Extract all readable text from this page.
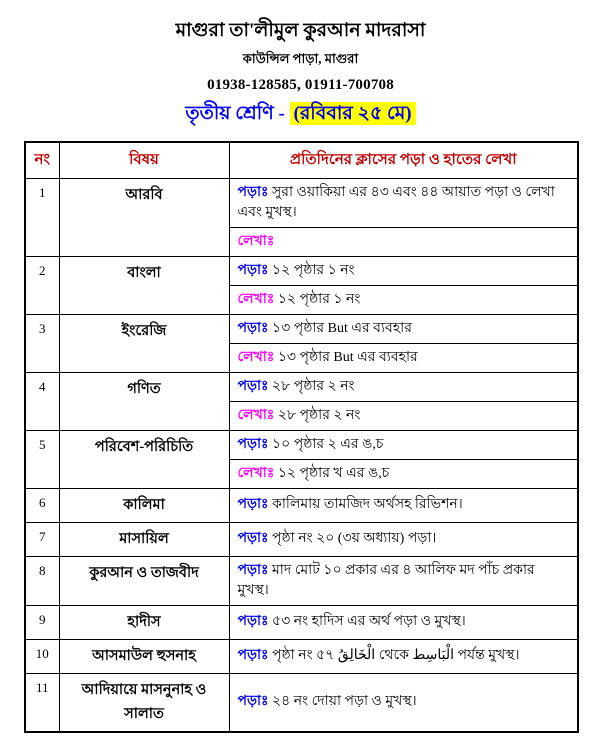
মাগুরা তা'লীমুল কুরআন মাদরাসা
কাউন্সিল পাড়া, মাগুরা
01938-128585, 01911-700708
তৃতীয় শ্রেণি - (রবিবার ২৫ মে)
নং	বিষয়	প্রতিদিনের ক্লাসের পড়া ও হাতের লেখা
1	আরবি	পড়াঃ সুরা ওয়াকিয়া এর ৪৩ এবং ৪৪ আয়াত পড়া ও লেখা এবং মুখস্থ।
		লেখাঃ
2	বাংলা	পড়াঃ ১২ পৃষ্ঠার ১ নং
		লেখাঃ ১২ পৃষ্ঠার ১ নং
3	ইংরেজি	পড়াঃ ১৩ পৃষ্ঠার But এর ব্যবহার
		লেখাঃ ১৩ পৃষ্ঠার But এর ব্যবহার
4	গণিত	পড়াঃ ২৮ পৃষ্ঠার ২ নং
		লেখাঃ ২৮ পৃষ্ঠার ২ নং
5	পরিবেশ-পরিচিতি	পড়াঃ ১০ পৃষ্ঠার ২ এর ঙ,চ
		লেখাঃ ১২ পৃষ্ঠার খ এর ঙ,চ
6	কালিমা	পড়াঃ কালিমায় তামজিদ অর্থসহ রিভিশন।
7	মাসায়িল	পড়াঃ পৃষ্ঠা নং ২০ (৩য় অধ্যায়) পড়া।
8	কুরআন ও তাজবীদ	পড়াঃ মাদ মোট ১০ প্রকার এর ৪ আলিফ মদ পাঁচ প্রকার মুখস্থ।
9	হাদীস	পড়াঃ ৫৩ নং হাদিস এর অর্থ পড়া ও মুখস্থ।
10	আসমাউল হুসনাহ	পড়াঃ পৃষ্ঠা নং ৫৭ الْخَالِقُ থেকে الْبَاسِط পর্যন্ত মুখস্থ।
11	আদিয়ায়ে মাসনুনাহ ও সালাত	পড়াঃ ২৪ নং দোয়া পড়া ও মুখস্থ।
